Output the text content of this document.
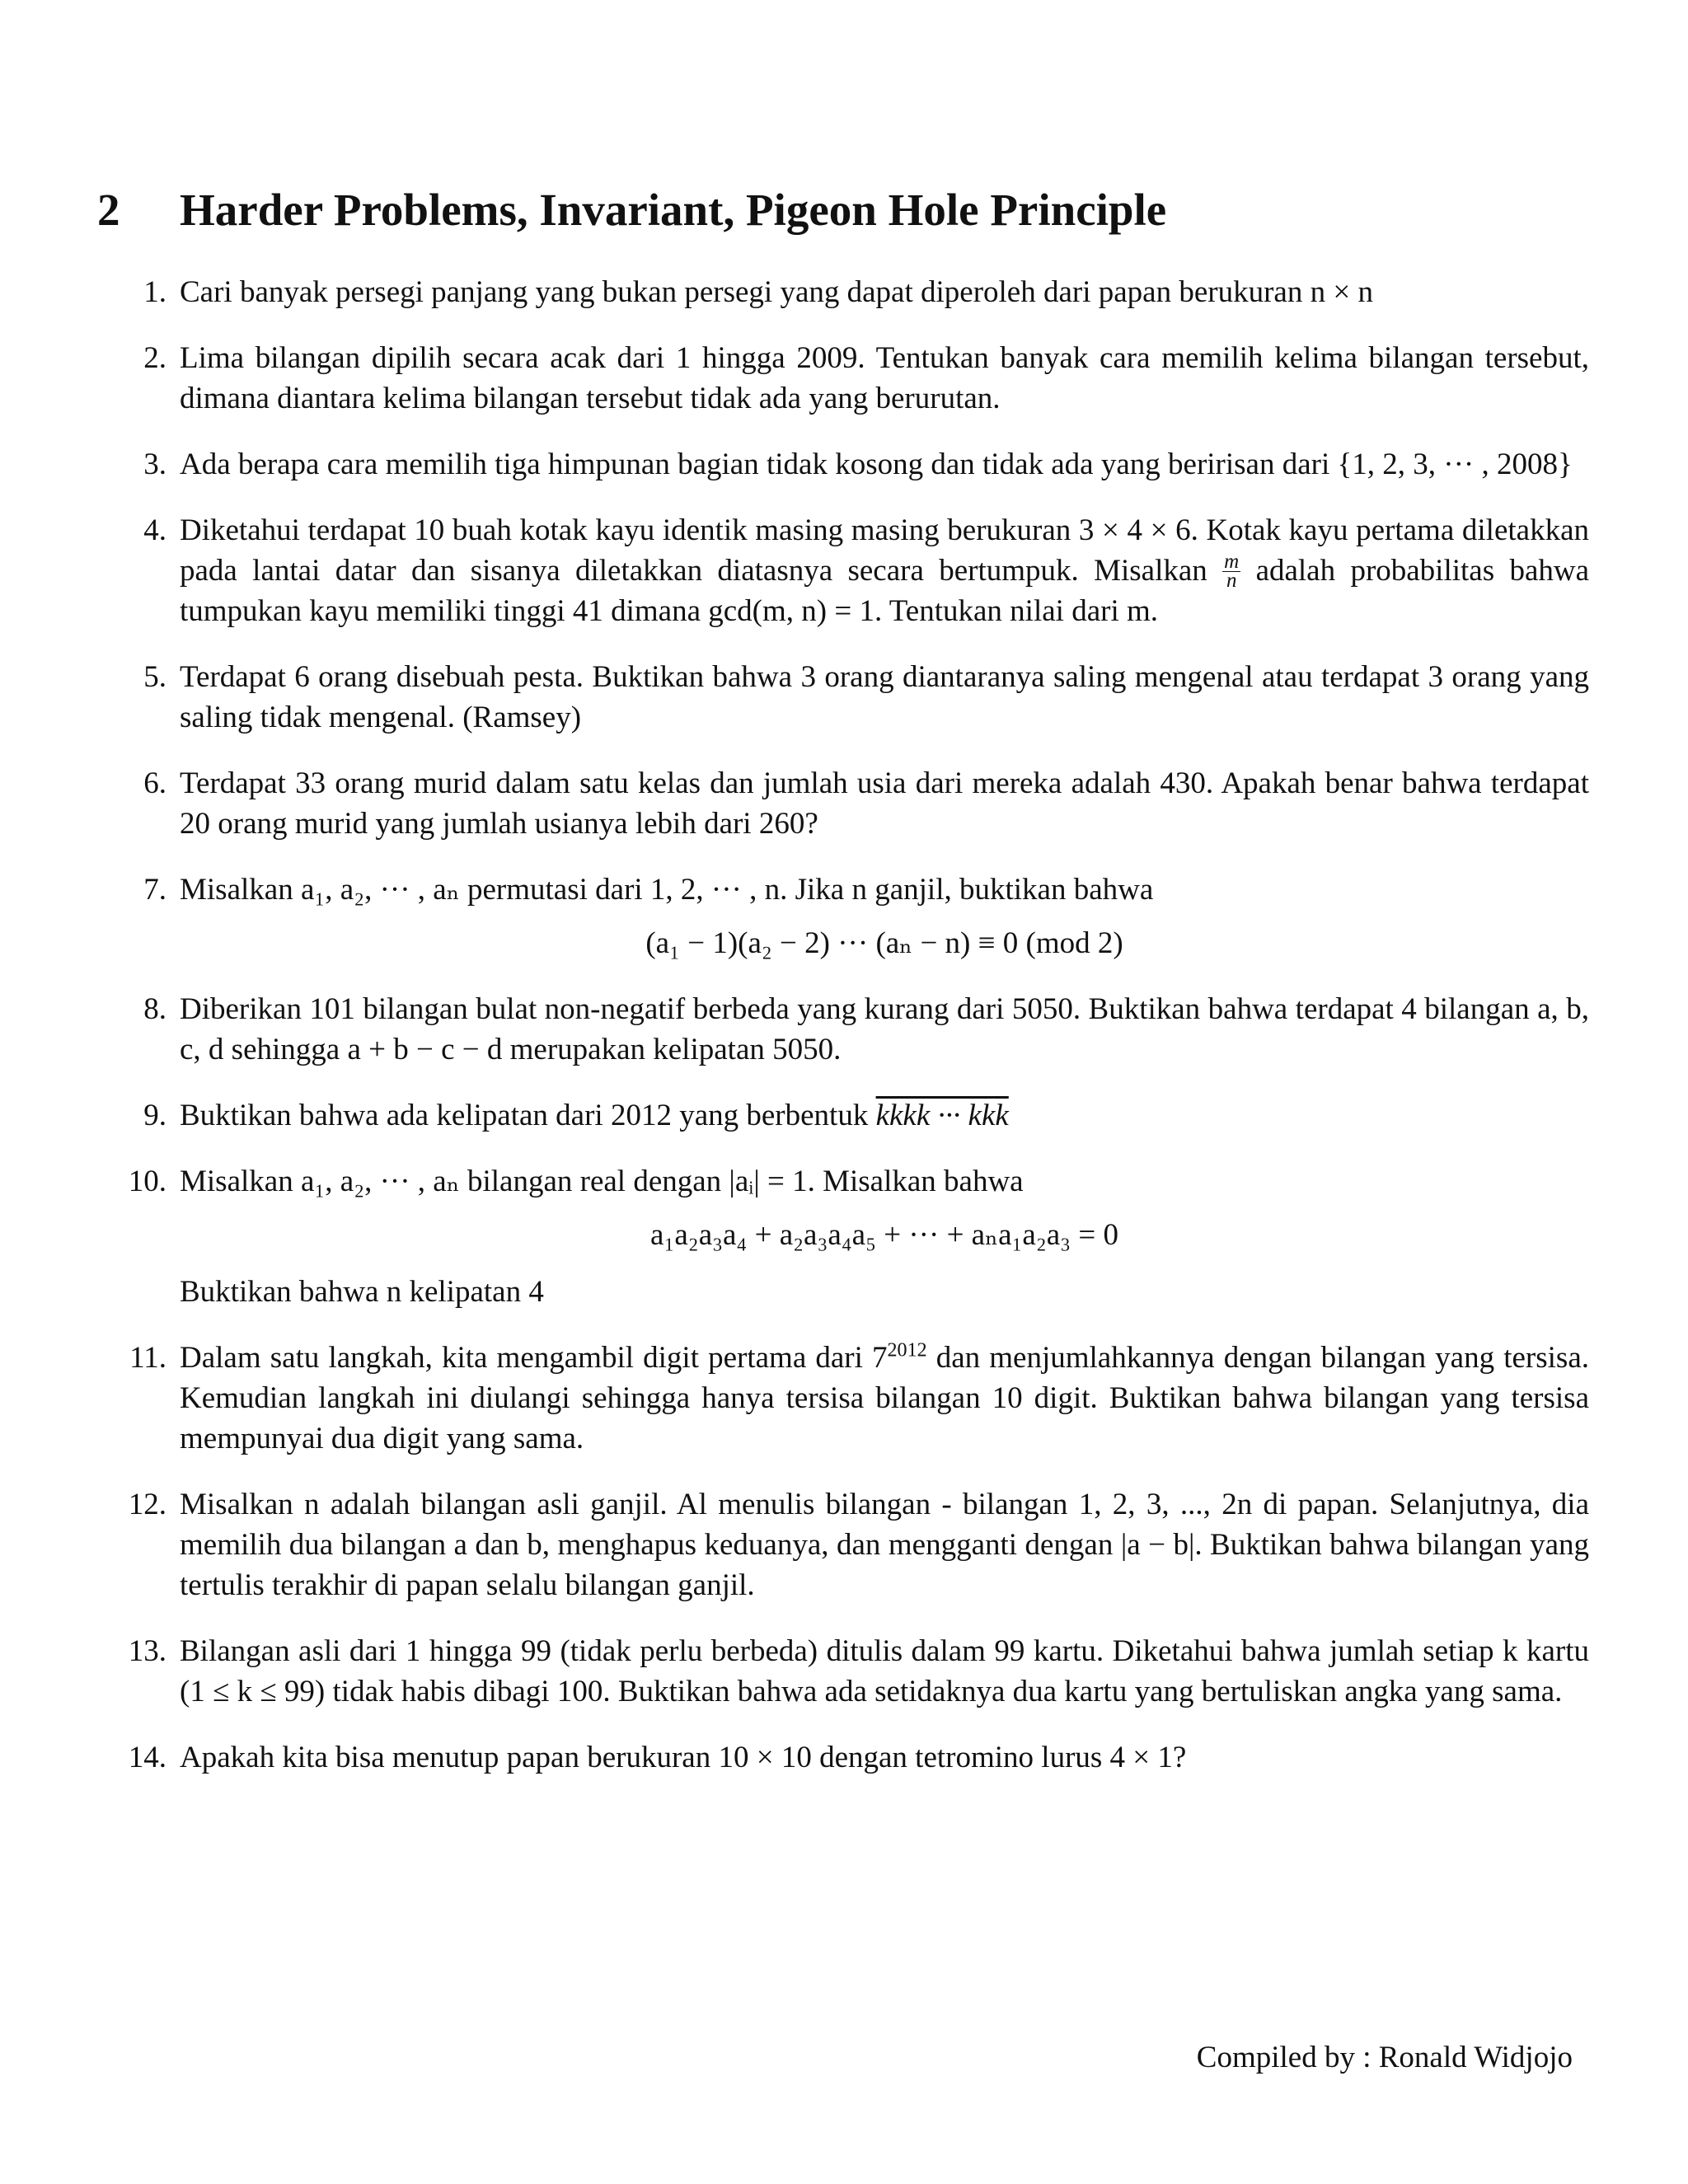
2 Harder Problems, Invariant, Pigeon Hole Principle
1. Cari banyak persegi panjang yang bukan persegi yang dapat diperoleh dari papan berukuran n × n
2. Lima bilangan dipilih secara acak dari 1 hingga 2009. Tentukan banyak cara memilih kelima bilangan tersebut, dimana diantara kelima bilangan tersebut tidak ada yang berurutan.
3. Ada berapa cara memilih tiga himpunan bagian tidak kosong dan tidak ada yang beririsan dari {1, 2, 3, ··· , 2008}
4. Diketahui terdapat 10 buah kotak kayu identik masing masing berukuran 3 × 4 × 6. Kotak kayu pertama diletakkan pada lantai datar dan sisanya diletakkan diatasnya secara bertumpuk. Misalkan $\frac{m}{n}$ adalah probabilitas bahwa tumpukan kayu memiliki tinggi 41 dimana gcd(m, n) = 1. Tentukan nilai dari m.
5. Terdapat 6 orang disebuah pesta. Buktikan bahwa 3 orang diantaranya saling mengenal atau terdapat 3 orang yang saling tidak mengenal. (Ramsey)
6. Terdapat 33 orang murid dalam satu kelas dan jumlah usia dari mereka adalah 430. Apakah benar bahwa terdapat 20 orang murid yang jumlah usianya lebih dari 260?
7. Misalkan a₁, a₂, ··· , aₙ permutasi dari 1, 2, ··· , n. Jika n ganjil, buktikan bahwa
(a₁ − 1)(a₂ − 2) ··· (aₙ − n) ≡ 0 (mod 2)
8. Diberikan 101 bilangan bulat non-negatif berbeda yang kurang dari 5050. Buktikan bahwa terdapat 4 bilangan a, b, c, d sehingga a + b − c − d merupakan kelipatan 5050.
9. Buktikan bahwa ada kelipatan dari 2012 yang berbentuk kkkk ··· kkk
10. Misalkan a₁, a₂, ··· , aₙ bilangan real dengan |aᵢ| = 1. Misalkan bahwa
a₁a₂a₃a₄ + a₂a₃a₄a₅ + ··· + aₙa₁a₂a₃ = 0
Buktikan bahwa n kelipatan 4
11. Dalam satu langkah, kita mengambil digit pertama dari $7^{2012}$ dan menjumlahkannya dengan bilangan yang tersisa. Kemudian langkah ini diulangi sehingga hanya tersisa bilangan 10 digit. Buktikan bahwa bilangan yang tersisa mempunyai dua digit yang sama.
12. Misalkan n adalah bilangan asli ganjil. Al menulis bilangan - bilangan 1, 2, 3, ..., 2n di papan. Selanjutnya, dia memilih dua bilangan a dan b, menghapus keduanya, dan mengganti dengan |a − b|. Buktikan bahwa bilangan yang tertulis terakhir di papan selalu bilangan ganjil.
13. Bilangan asli dari 1 hingga 99 (tidak perlu berbeda) ditulis dalam 99 kartu. Diketahui bahwa jumlah setiap k kartu (1 ≤ k ≤ 99) tidak habis dibagi 100. Buktikan bahwa ada setidaknya dua kartu yang bertuliskan angka yang sama.
14. Apakah kita bisa menutup papan berukuran 10 × 10 dengan tetromino lurus 4 × 1?
Compiled by : Ronald Widjojo
